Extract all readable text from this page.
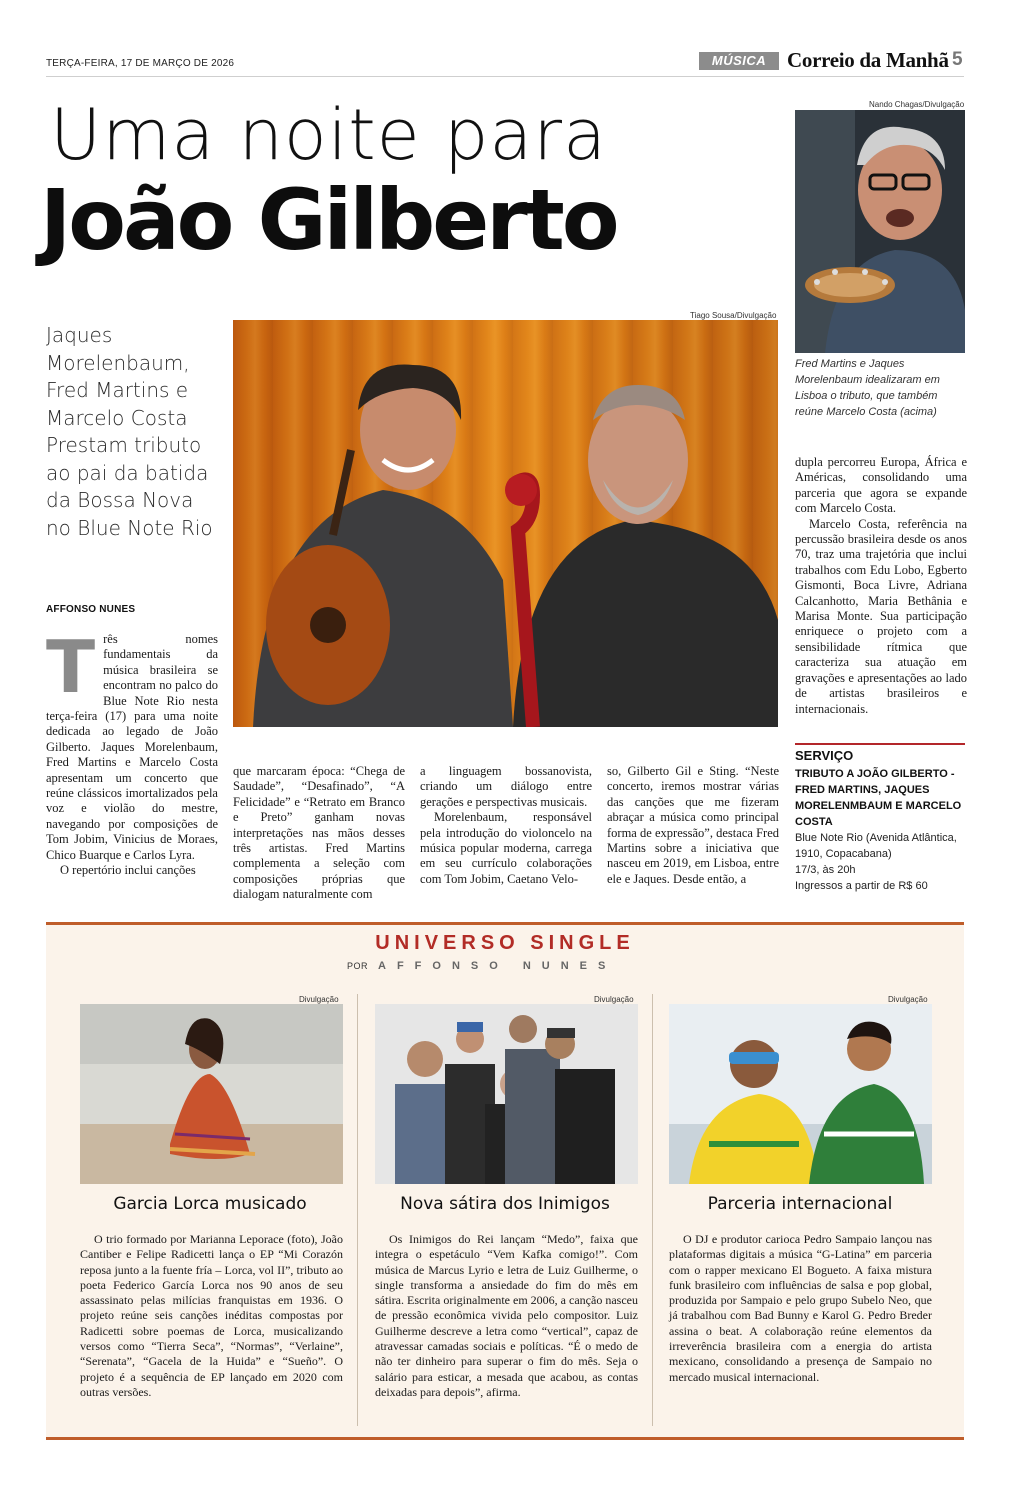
TERÇA-FEIRA, 17 DE MARÇO DE 2026	MÚSICA Correio da Manhã 5
Uma noite para
João Gilberto
Nando Chagas/Divulgação
Fred Martins e Jaques Morelenbaum idealizaram em Lisboa o tributo, que também reúne Marcelo Costa (acima)
Jaques Morelenbaum, Fred Martins e Marcelo Costa Prestam tributo ao pai da batida da Bossa Nova no Blue Note Rio
AFFONSO NUNES
Tiago Sousa/Divulgação
T rês nomes fundamentais da música brasileira se encontram no palco do Blue Note Rio nesta terça-feira (17) para uma noite dedicada ao legado de João Gilberto. Jaques Morelenbaum, Fred Martins e Marcelo Costa apresentam um concerto que reúne clássicos imortalizados pela voz e violão do mestre, navegando por composições de Tom Jobim, Vinicius de Moraes, Chico Buarque e Carlos Lyra.

O repertório inclui canções

que marcaram época: “Chega de Saudade”, “Desafinado”, “A Felicidade” e “Retrato em Branco e Preto” ganham novas interpretações nas mãos desses três artistas. Fred Martins complementa a seleção com composições próprias que dialogam naturalmente com

a linguagem bossanovista, criando um diálogo entre gerações e perspectivas musicais.

Morelenbaum, responsável pela introdução do violoncelo na música popular moderna, carrega em seu currículo colaborações com Tom Jobim, Caetano Velo-

so, Gilberto Gil e Sting. “Neste concerto, iremos mostrar várias das canções que me fizeram abraçar a música como principal forma de expressão”, destaca Fred Martins sobre a iniciativa que nasceu em 2019, em Lisboa, entre ele e Jaques. Desde então, a

dupla percorreu Europa, África e Américas, consolidando uma parceria que agora se expande com Marcelo Costa.

Marcelo Costa, referência na percussão brasileira desde os anos 70, traz uma trajetória que inclui trabalhos com Edu Lobo, Egberto Gismonti, Boca Livre, Adriana Calcanhotto, Maria Bethânia e Marisa Monte. Sua participação enriquece o projeto com a sensibilidade rítmica que caracteriza sua atuação em gravações e apresentações ao lado de artistas brasileiros e internacionais.

SERVIÇO
TRIBUTO A JOÃO GILBERTO - FRED MARTINS, JAQUES MORELENMBAUM E MARCELO COSTA
Blue Note Rio (Avenida Atlântica, 1910, Copacabana)
17/3, às 20h
Ingressos a partir de R$ 60
UNIVERSO SINGLE
POR AFFONSO NUNES
Divulgação
Garcia Lorca musicado
O trio formado por Marianna Leporace (foto), João Cantiber e Felipe Radicetti lança o EP “Mi Corazón reposa junto a la fuente fría – Lorca, vol II”, tributo ao poeta Federico García Lorca nos 90 anos de seu assassinato pelas milícias franquistas em 1936. O projeto reúne seis canções inéditas compostas por Radicetti sobre poemas de Lorca, musicalizando versos como “Tierra Seca”, “Normas”, “Verlaine”, “Serenata”, “Gacela de la Huida” e “Sueño”. O projeto é a sequência de EP lançado em 2020 com outras versões.
Divulgação
Nova sátira dos Inimigos
Os Inimigos do Rei lançam “Medo”, faixa que integra o espetáculo “Vem Kafka comigo!”. Com música de Marcus Lyrio e letra de Luiz Guilherme, o single transforma a ansiedade do fim do mês em sátira. Escrita originalmente em 2006, a canção nasceu de pressão econômica vivida pelo compositor. Luiz Guilherme descreve a letra como “vertical”, capaz de atravessar camadas sociais e políticas. “É o medo de não ter dinheiro para superar o fim do mês. Seja o salário para esticar, a mesada que acabou, as contas deixadas para depois”, afirma.
Divulgação
Parceria internacional
O DJ e produtor carioca Pedro Sampaio lançou nas plataformas digitais a música “G-Latina” em parceria com o rapper mexicano El Bogueto. A faixa mistura funk brasileiro com influências de salsa e pop global, produzida por Sampaio e pelo grupo Subelo Neo, que já trabalhou com Bad Bunny e Karol G. Pedro Breder assina o beat. A colaboração reúne elementos da irreverência brasileira com a energia do artista mexicano, consolidando a presença de Sampaio no mercado musical internacional.
